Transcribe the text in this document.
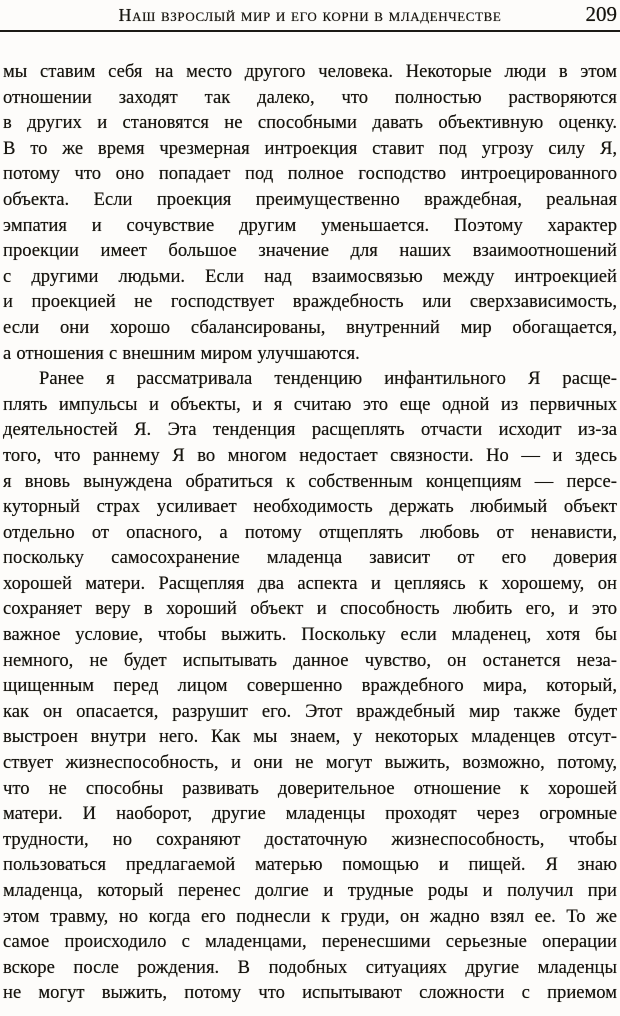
Наш взрослый мир и его корни в младенчестве	209
мы ставим себя на место другого человека. Некоторые люди в этом
отношении заходят так далеко, что полностью растворяются
в других и становятся не способными давать объективную оценку.
В то же время чрезмерная интроекция ставит под угрозу силу Я,
потому что оно попадает под полное господство интроецированного
объекта. Если проекция преимущественно враждебная, реальная
эмпатия и сочувствие другим уменьшается. Поэтому характер
проекции имеет большое значение для наших взаимоотношений
с другими людьми. Если над взаимосвязью между интроекцией
и проекцией не господствует враждебность или сверхзависимость,
если они хорошо сбалансированы, внутренний мир обогащается,
а отношения с внешним миром улучшаются.
Ранее я рассматривала тенденцию инфантильного Я расще-
плять импульсы и объекты, и я считаю это еще одной из первичных
деятельностей Я. Эта тенденция расщеплять отчасти исходит из-за
того, что раннему Я во многом недостает связности. Но — и здесь
я вновь вынуждена обратиться к собственным концепциям — персе-
куторный страх усиливает необходимость держать любимый объект
отдельно от опасного, а потому отщеплять любовь от ненависти,
поскольку самосохранение младенца зависит от его доверия
хорошей матери. Расщепляя два аспекта и цепляясь к хорошему, он
сохраняет веру в хороший объект и способность любить его, и это
важное условие, чтобы выжить. Поскольку если младенец, хотя бы
немного, не будет испытывать данное чувство, он останется неза-
щищенным перед лицом совершенно враждебного мира, который,
как он опасается, разрушит его. Этот враждебный мир также будет
выстроен внутри него. Как мы знаем, у некоторых младенцев отсут-
ствует жизнеспособность, и они не могут выжить, возможно, потому,
что не способны развивать доверительное отношение к хорошей
матери. И наоборот, другие младенцы проходят через огромные
трудности, но сохраняют достаточную жизнеспособность, чтобы
пользоваться предлагаемой матерью помощью и пищей. Я знаю
младенца, который перенес долгие и трудные роды и получил при
этом травму, но когда его поднесли к груди, он жадно взял ее. То же
самое происходило с младенцами, перенесшими серьезные операции
вскоре после рождения. В подобных ситуациях другие младенцы
не могут выжить, потому что испытывают сложности с приемом
